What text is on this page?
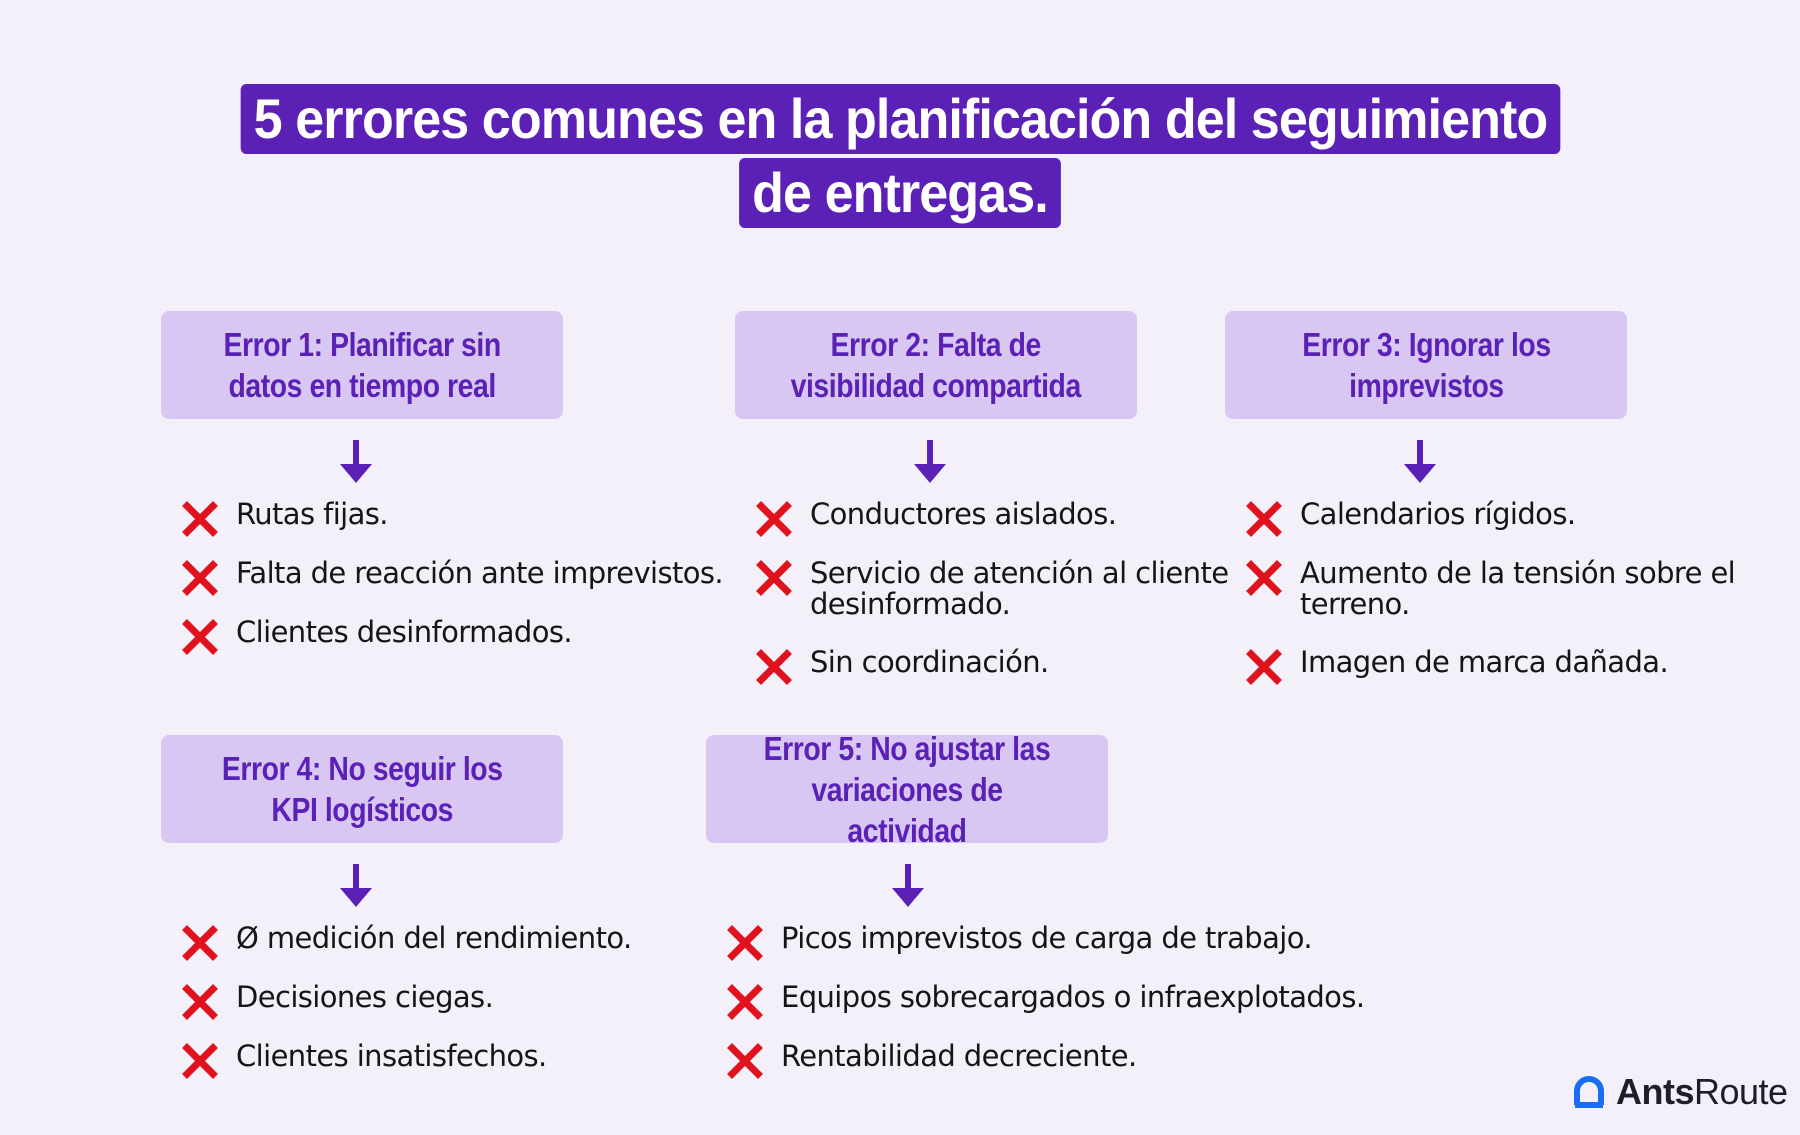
5 errores comunes en la planificación del seguimiento
de entregas.
Error 1: Planificar sin
datos en tiempo real
Rutas fijas.
Falta de reacción ante imprevistos.
Clientes desinformados.
Error 2: Falta de
visibilidad compartida
Conductores aislados.
Servicio de atención al cliente desinformado.
Sin coordinación.
Error 3: Ignorar los
imprevistos
Calendarios rígidos.
Aumento de la tensión sobre el terreno.
Imagen de marca dañada.
Error 4: No seguir los
KPI logísticos
Ø medición del rendimiento.
Decisiones ciegas.
Clientes insatisfechos.
Error 5: No ajustar las
variaciones de actividad
Picos imprevistos de carga de trabajo.
Equipos sobrecargados o infraexplotados.
Rentabilidad decreciente.
AntsRoute
